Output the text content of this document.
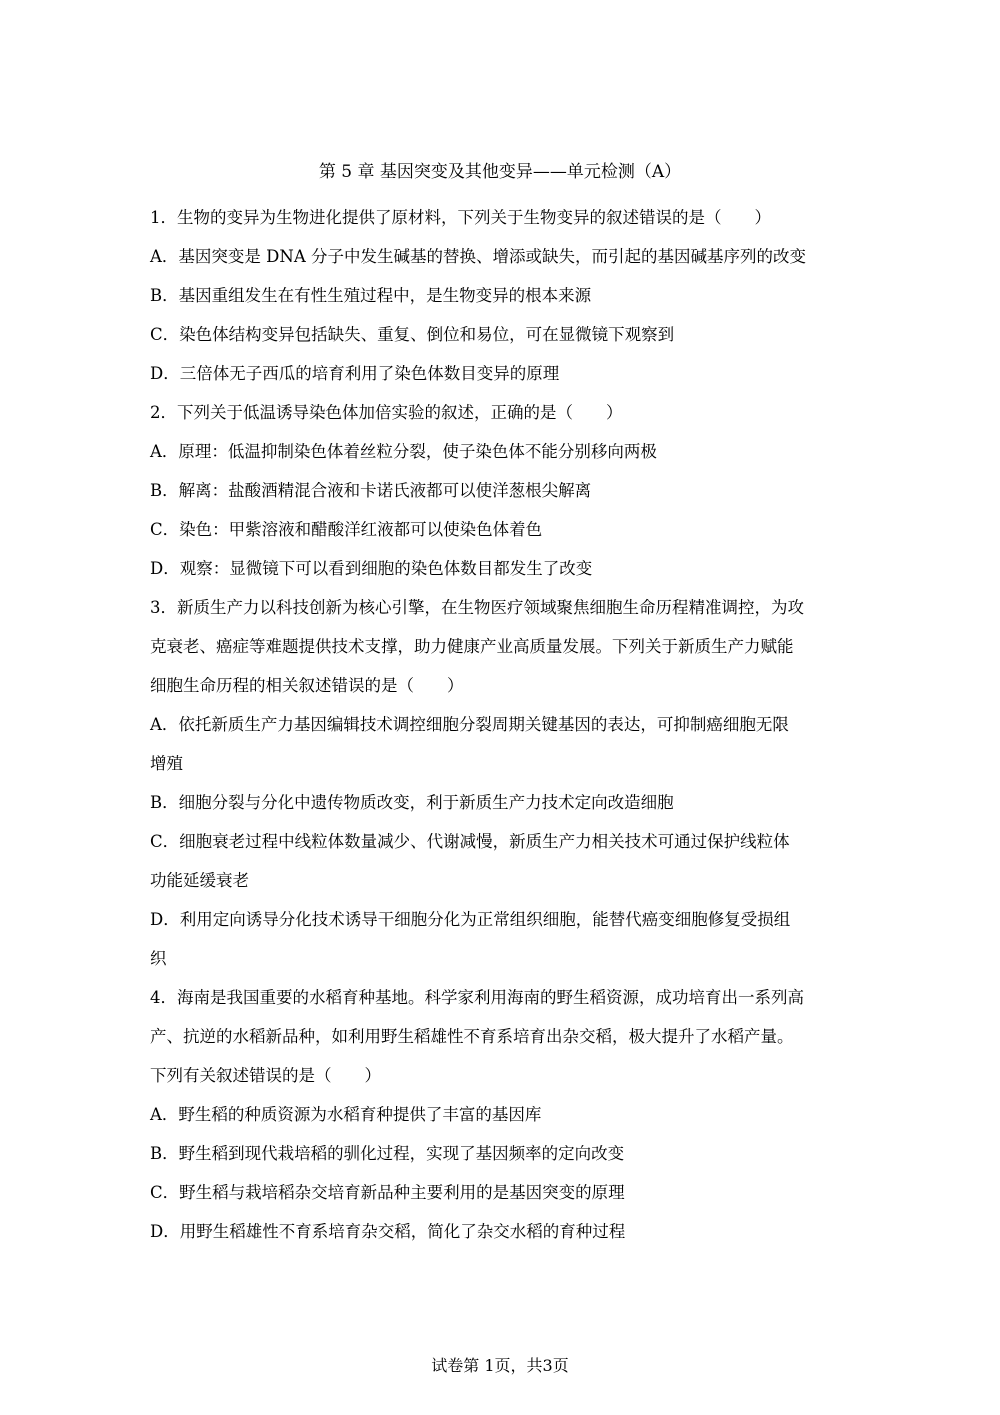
第 5 章 基因突变及其他变异——单元检测（A）

1．生物的变异为生物进化提供了原材料，下列关于生物变异的叙述错误的是（　　）

A．基因突变是 DNA 分子中发生碱基的替换、增添或缺失，而引起的基因碱基序列的改变

B．基因重组发生在有性生殖过程中，是生物变异的根本来源

C．染色体结构变异包括缺失、重复、倒位和易位，可在显微镜下观察到

D．三倍体无子西瓜的培育利用了染色体数目变异的原理

2．下列关于低温诱导染色体加倍实验的叙述，正确的是（　　）

A．原理：低温抑制染色体着丝粒分裂，使子染色体不能分别移向两极

B．解离：盐酸酒精混合液和卡诺氏液都可以使洋葱根尖解离

C．染色：甲紫溶液和醋酸洋红液都可以使染色体着色

D．观察：显微镜下可以看到细胞的染色体数目都发生了改变

3．新质生产力以科技创新为核心引擎，在生物医疗领域聚焦细胞生命历程精准调控，为攻

克衰老、癌症等难题提供技术支撑，助力健康产业高质量发展。下列关于新质生产力赋能

细胞生命历程的相关叙述错误的是（　　）

A．依托新质生产力基因编辑技术调控细胞分裂周期关键基因的表达，可抑制癌细胞无限

增殖

B．细胞分裂与分化中遗传物质改变，利于新质生产力技术定向改造细胞

C．细胞衰老过程中线粒体数量减少、代谢减慢，新质生产力相关技术可通过保护线粒体

功能延缓衰老

D．利用定向诱导分化技术诱导干细胞分化为正常组织细胞，能替代癌变细胞修复受损组

织

4．海南是我国重要的水稻育种基地。科学家利用海南的野生稻资源，成功培育出一系列高

产、抗逆的水稻新品种，如利用野生稻雄性不育系培育出杂交稻，极大提升了水稻产量。

下列有关叙述错误的是（　　）

A．野生稻的种质资源为水稻育种提供了丰富的基因库

B．野生稻到现代栽培稻的驯化过程，实现了基因频率的定向改变

C．野生稻与栽培稻杂交培育新品种主要利用的是基因突变的原理

D．用野生稻雄性不育系培育杂交稻，简化了杂交水稻的育种过程

试卷第 1页，共3页
